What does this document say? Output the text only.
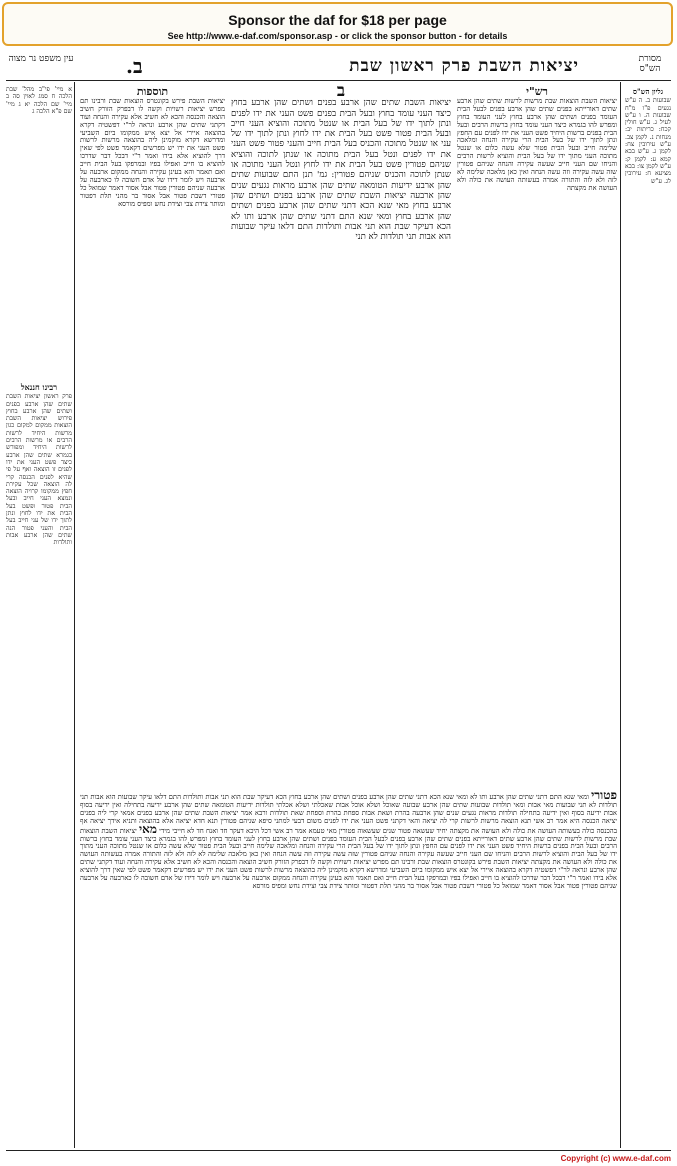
Sponsor the daf for $18 per page
See http://www.e-daf.com/sponsor.asp - or click the sponsor button - for details
מסורת הש"ס
יציאות השבת פרק ראשון שבת
ב.
עין משפט נר מצוה
גליון הש"ס
שבועות ב. ה ע"ש נגעים פ"ו מ"ח שבועות ה. ו ע"ש לעיל ג. ע"ש חולין קכח: כריתות יב: מנחות נ. לקמן צב. ע"ש עירובין צח: לקמן ג. ע"ש בבא קמא ע: לקמן ק: ע"ש לקמן צו: בבא מציעא ח: עירובין לג. ע"ש
רש"י
יציאות השבת הוצאות שבת מרשות לרשות שתים שהן ארבע שתים דאורייתא בפנים שתים שהן ארבע בפנים לבעל הבית העומד בפנים ושתים שהן ארבע בחוץ לעני העומד בחוץ ומפרש להו בגמרא כיצד העני עומד בחוץ ברשות הרבים ובעל הבית בפנים ברשות היחיד פשט העני את ידו לפנים עם החפץ ונתן לתוך ידו של בעל הבית הרי עקירה והנחה ומלאכה שלימה חייב ובעל הבית פטור שלא עשה כלום או שנטל מתוכה העני מתוך ידו של בעל הבית והוציא לרשות הרבים והניחו שם העני חייב שעשה עקירה והנחה שניהם פטורין שזה עשה עקירה וזה עשה הנחה ואין כאן מלאכה שלימה לא לזה ולא לזה והתורה אמרה בעשותה העושה את כולה ולא העושה את מקצתה
ב
יציאות השבת שתים שהן ארבע בפנים ושתים שהן ארבע בחוץ כיצד העני עומד בחוץ ובעל הבית בפנים פשט העני את ידו לפנים ונתן לתוך ידו של בעל הבית או שנטל מתוכה והוציא העני חייב ובעל הבית פטור פשט בעל הבית את ידו לחוץ ונתן לתוך ידו של עני או שנטל מתוכה והכניס בעל הבית חייב והעני פטור פשט העני את ידו לפנים ונטל בעל הבית מתוכה או שנתן לתוכה והוציא שניהם פטורין פשט בעל הבית את ידו לחוץ ונטל העני מתוכה או שנתן לתוכה והכניס שניהם פטורין: גמ' תנן התם שבועות שתים שהן ארבע ידיעות הטומאה שתים שהן ארבע מראות נגעים שנים שהן ארבעה יציאות השבת שתים שהן ארבע בפנים ושתים שהן ארבע בחוץ מאי שנא הכא דתני שתים שהן ארבע בפנים ושתים שהן ארבע בחוץ ומאי שנא התם דתני שתים שהן ארבע ותו לא הכא דעיקר שבת הוא תני אבות ותולדות התם דלאו עיקר שבועות הוא אבות תני תולדות לא תני
תוספות
יציאות השבת פירש בקונטרס הוצאות שבת ורבינו תם מפרש יציאות רשויות וקשה לו דבפרק הזורק חשיב הוצאה והכנסה והכא לא חשיב אלא עקירה והנחה ועוד דקתני שתים שהן ארבע ונראה לר"י דפשטיה דקרא בהוצאה איירי אל יצא איש ממקומו ביום השביעי ומדרשא דקרא מוקמינן ליה בהוצאה מרשות לרשות פשט העני את ידו יש מפרשים דקאמר פשט לפי שאין דרך להוציא אלא בידו ואמר ר"י דבכל דבר שדרכו להוציא בו חייב ואפילו בפיו ובמרפקו בעל הבית חייב ואם תאמר והא בעינן עקירה והנחה ממקום ארבעה על ארבעה ויש לומר דידו של אדם חשובה לו כארבעה על ארבעה שניהם פטורין פטור אבל אסור דאמר שמואל כל פטורי דשבת פטור אבל אסור בר מהני תלת דפטור ומותר צידת צבי וצידת נחש ומפיס מורסא
א מיי' פי"ב מהל' שבת הלכה ח סמג לאוין סה ב מיי' שם הלכה יא ג מיי' שם פ"א הלכה ג
רבינו חננאל
פרק ראשון יציאות השבת שתים שהן ארבע בפנים ושתים שהן ארבע בחוץ פירוש יציאות השבת הוצאות ממקום למקום כגון מרשות היחיד לרשות הרבים או מרשות הרבים לרשות היחיד ומפורש בגמרא שתים שהן ארבע כיצד פשט העני את ידו לפנים זו הוצאה ואף על פי שהיא לפנים הכנסה קרי לה הוצאה שכל עקירת חפץ ממקומו קרויה הוצאה ונמצא העני חייב ובעל הבית פטור ופשט בעל הבית את ידו לחוץ ונתן לתוך ידו של עני חייב בעל הבית והעני פטור הנה שתים שהן ארבע אבות ותולדות
פטורי ומאי שנא התם דתני שתים שהן ארבע ותו לא ומאי שנא הכא דתני שתים שהן ארבע בפנים ושתים שהן ארבע בחוץ הכא דעיקר שבת הוא תני אבות ותולדות התם דלאו עיקר שבועות הוא אבות תני תולדות לא תני שבועות מאי אבות ומאי תולדות שבועות שתים שהן ארבע שבועה שאוכל ושלא אוכל אבות שאכלתי ושלא אכלתי תולדות ידיעות הטומאה שתים שהן ארבע ידיעה בתחילה ואין ידיעה בסוף אבות ידיעה בסוף ואין ידיעה בתחילה תולדות מראות נגעים שנים שהן ארבעה בהרת ושאת אבות ספחת בהרת וספחת שאת תולדות ורבא אמר יציאות השבת שתים שהן ארבע בפנים אמאי קרי ליה בפנים יציאה הכנסה היא אמר רב אשי תנא הוצאה מרשות לרשות קרי לה יציאה והאי דקתני פשט העני את ידו לפנים משום דבעי למתני סיפא שניהם פטורין תנא חדא יציאה אלא בהוצאה ותניא אידך יציאה אף בהכנסה כולה בעשותה העושה את כולה ולא העושה את מקצתה יחיד שעשאה פטור שנים שעשאוה פטורין מאי טעמא אמר רב אשי דכל היכא דעקר חד ואנח חד לא חייבי מידי מאי יציאות השבת הוצאות שבת מרשות לרשות שתים שהן ארבע שתים דאורייתא בפנים שתים שהן ארבע בפנים לבעל הבית העומד בפנים ושתים שהן ארבע בחוץ לעני העומד בחוץ ומפרש להו בגמרא כיצד העני עומד בחוץ ברשות הרבים ובעל הבית בפנים ברשות היחיד פשט העני את ידו לפנים עם החפץ ונתן לתוך ידו של בעל הבית הרי עקירה והנחה ומלאכה שלימה חייב ובעל הבית פטור שלא עשה כלום או שנטל מתוכה העני מתוך ידו של בעל הבית והוציא לרשות הרבים והניחו שם העני חייב שעשה עקירה והנחה שניהם פטורין שזה עשה עקירה וזה עשה הנחה ואין כאן מלאכה שלימה לא לזה ולא לזה והתורה אמרה בעשותה העושה את כולה ולא העושה את מקצתה יציאות השבת פירש בקונטרס הוצאות שבת ורבינו תם מפרש יציאות רשויות וקשה לו דבפרק הזורק חשיב הוצאה והכנסה והכא לא חשיב אלא עקירה והנחה ועוד דקתני שתים שהן ארבע ונראה לר"י דפשטיה דקרא בהוצאה איירי אל יצא איש ממקומו ביום השביעי ומדרשא דקרא מוקמינן ליה בהוצאה מרשות לרשות פשט העני את ידו יש מפרשים דקאמר פשט לפי שאין דרך להוציא אלא בידו ואמר ר"י דבכל דבר שדרכו להוציא בו חייב ואפילו בפיו ובמרפקו בעל הבית חייב ואם תאמר והא בעינן עקירה והנחה ממקום ארבעה על ארבעה ויש לומר דידו של אדם חשובה לו כארבעה על ארבעה שניהם פטורין פטור אבל אסור דאמר שמואל כל פטורי דשבת פטור אבל אסור בר מהני תלת דפטור ומותר צידת צבי וצידת נחש ומפיס מורסא
Copyright (c) www.e-daf.com
